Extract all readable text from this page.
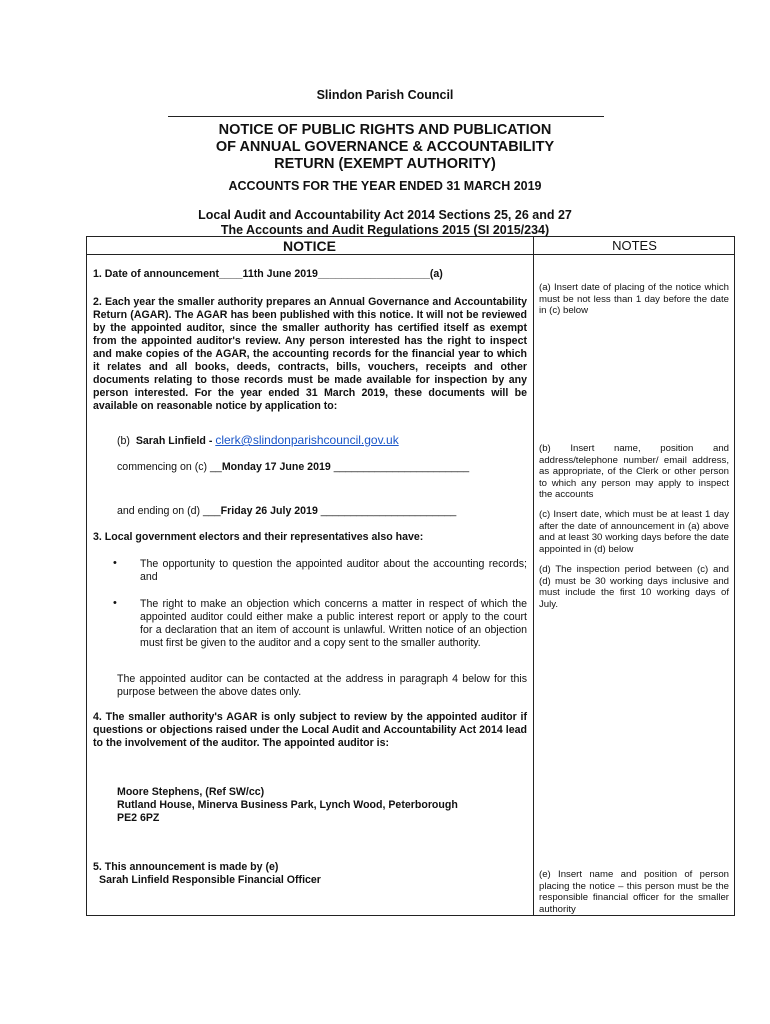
Slindon Parish Council
NOTICE OF PUBLIC RIGHTS AND PUBLICATION
OF ANNUAL GOVERNANCE & ACCOUNTABILITY
RETURN (EXEMPT AUTHORITY)
ACCOUNTS FOR THE YEAR ENDED 31 MARCH 2019
Local Audit and Accountability Act 2014 Sections 25, 26 and 27
The Accounts and Audit Regulations 2015 (SI 2015/234)
NOTICE	NOTES
1. Date of announcement____11th June 2019___________________(a)
2. Each year the smaller authority prepares an Annual Governance and Accountability Return (AGAR). The AGAR has been published with this notice. It will not be reviewed by the appointed auditor, since the smaller authority has certified itself as exempt from the appointed auditor's review. Any person interested has the right to inspect and make copies of the AGAR, the accounting records for the financial year to which it relates and all books, deeds, contracts, bills, vouchers, receipts and other documents relating to those records must be made available for inspection by any person interested. For the year ended 31 March 2019, these documents will be available on reasonable notice by application to:
(b) Sarah Linfield - clerk@slindonparishcouncil.gov.uk
commencing on (c) __Monday 17 June 2019 _______________________
and ending on (d) ___Friday 26 July 2019 _______________________
3. Local government electors and their representatives also have:
• The opportunity to question the appointed auditor about the accounting records; and
• The right to make an objection which concerns a matter in respect of which the appointed auditor could either make a public interest report or apply to the court for a declaration that an item of account is unlawful. Written notice of an objection must first be given to the auditor and a copy sent to the smaller authority.
The appointed auditor can be contacted at the address in paragraph 4 below for this purpose between the above dates only.
4. The smaller authority's AGAR is only subject to review by the appointed auditor if questions or objections raised under the Local Audit and Accountability Act 2014 lead to the involvement of the auditor. The appointed auditor is:
Moore Stephens, (Ref SW/cc)
Rutland House, Minerva Business Park, Lynch Wood, Peterborough
PE2 6PZ
5. This announcement is made by (e)
Sarah Linfield Responsible Financial Officer
(a) Insert date of placing of the notice which must be not less than 1 day before the date in (c) below
(b) Insert name, position and address/telephone number/ email address, as appropriate, of the Clerk or other person to which any person may apply to inspect the accounts
(c) Insert date, which must be at least 1 day after the date of announcement in (a) above and at least 30 working days before the date appointed in (d) below
(d) The inspection period between (c) and (d) must be 30 working days inclusive and must include the first 10 working days of July.
(e) Insert name and position of person placing the notice – this person must be the responsible financial officer for the smaller authority
